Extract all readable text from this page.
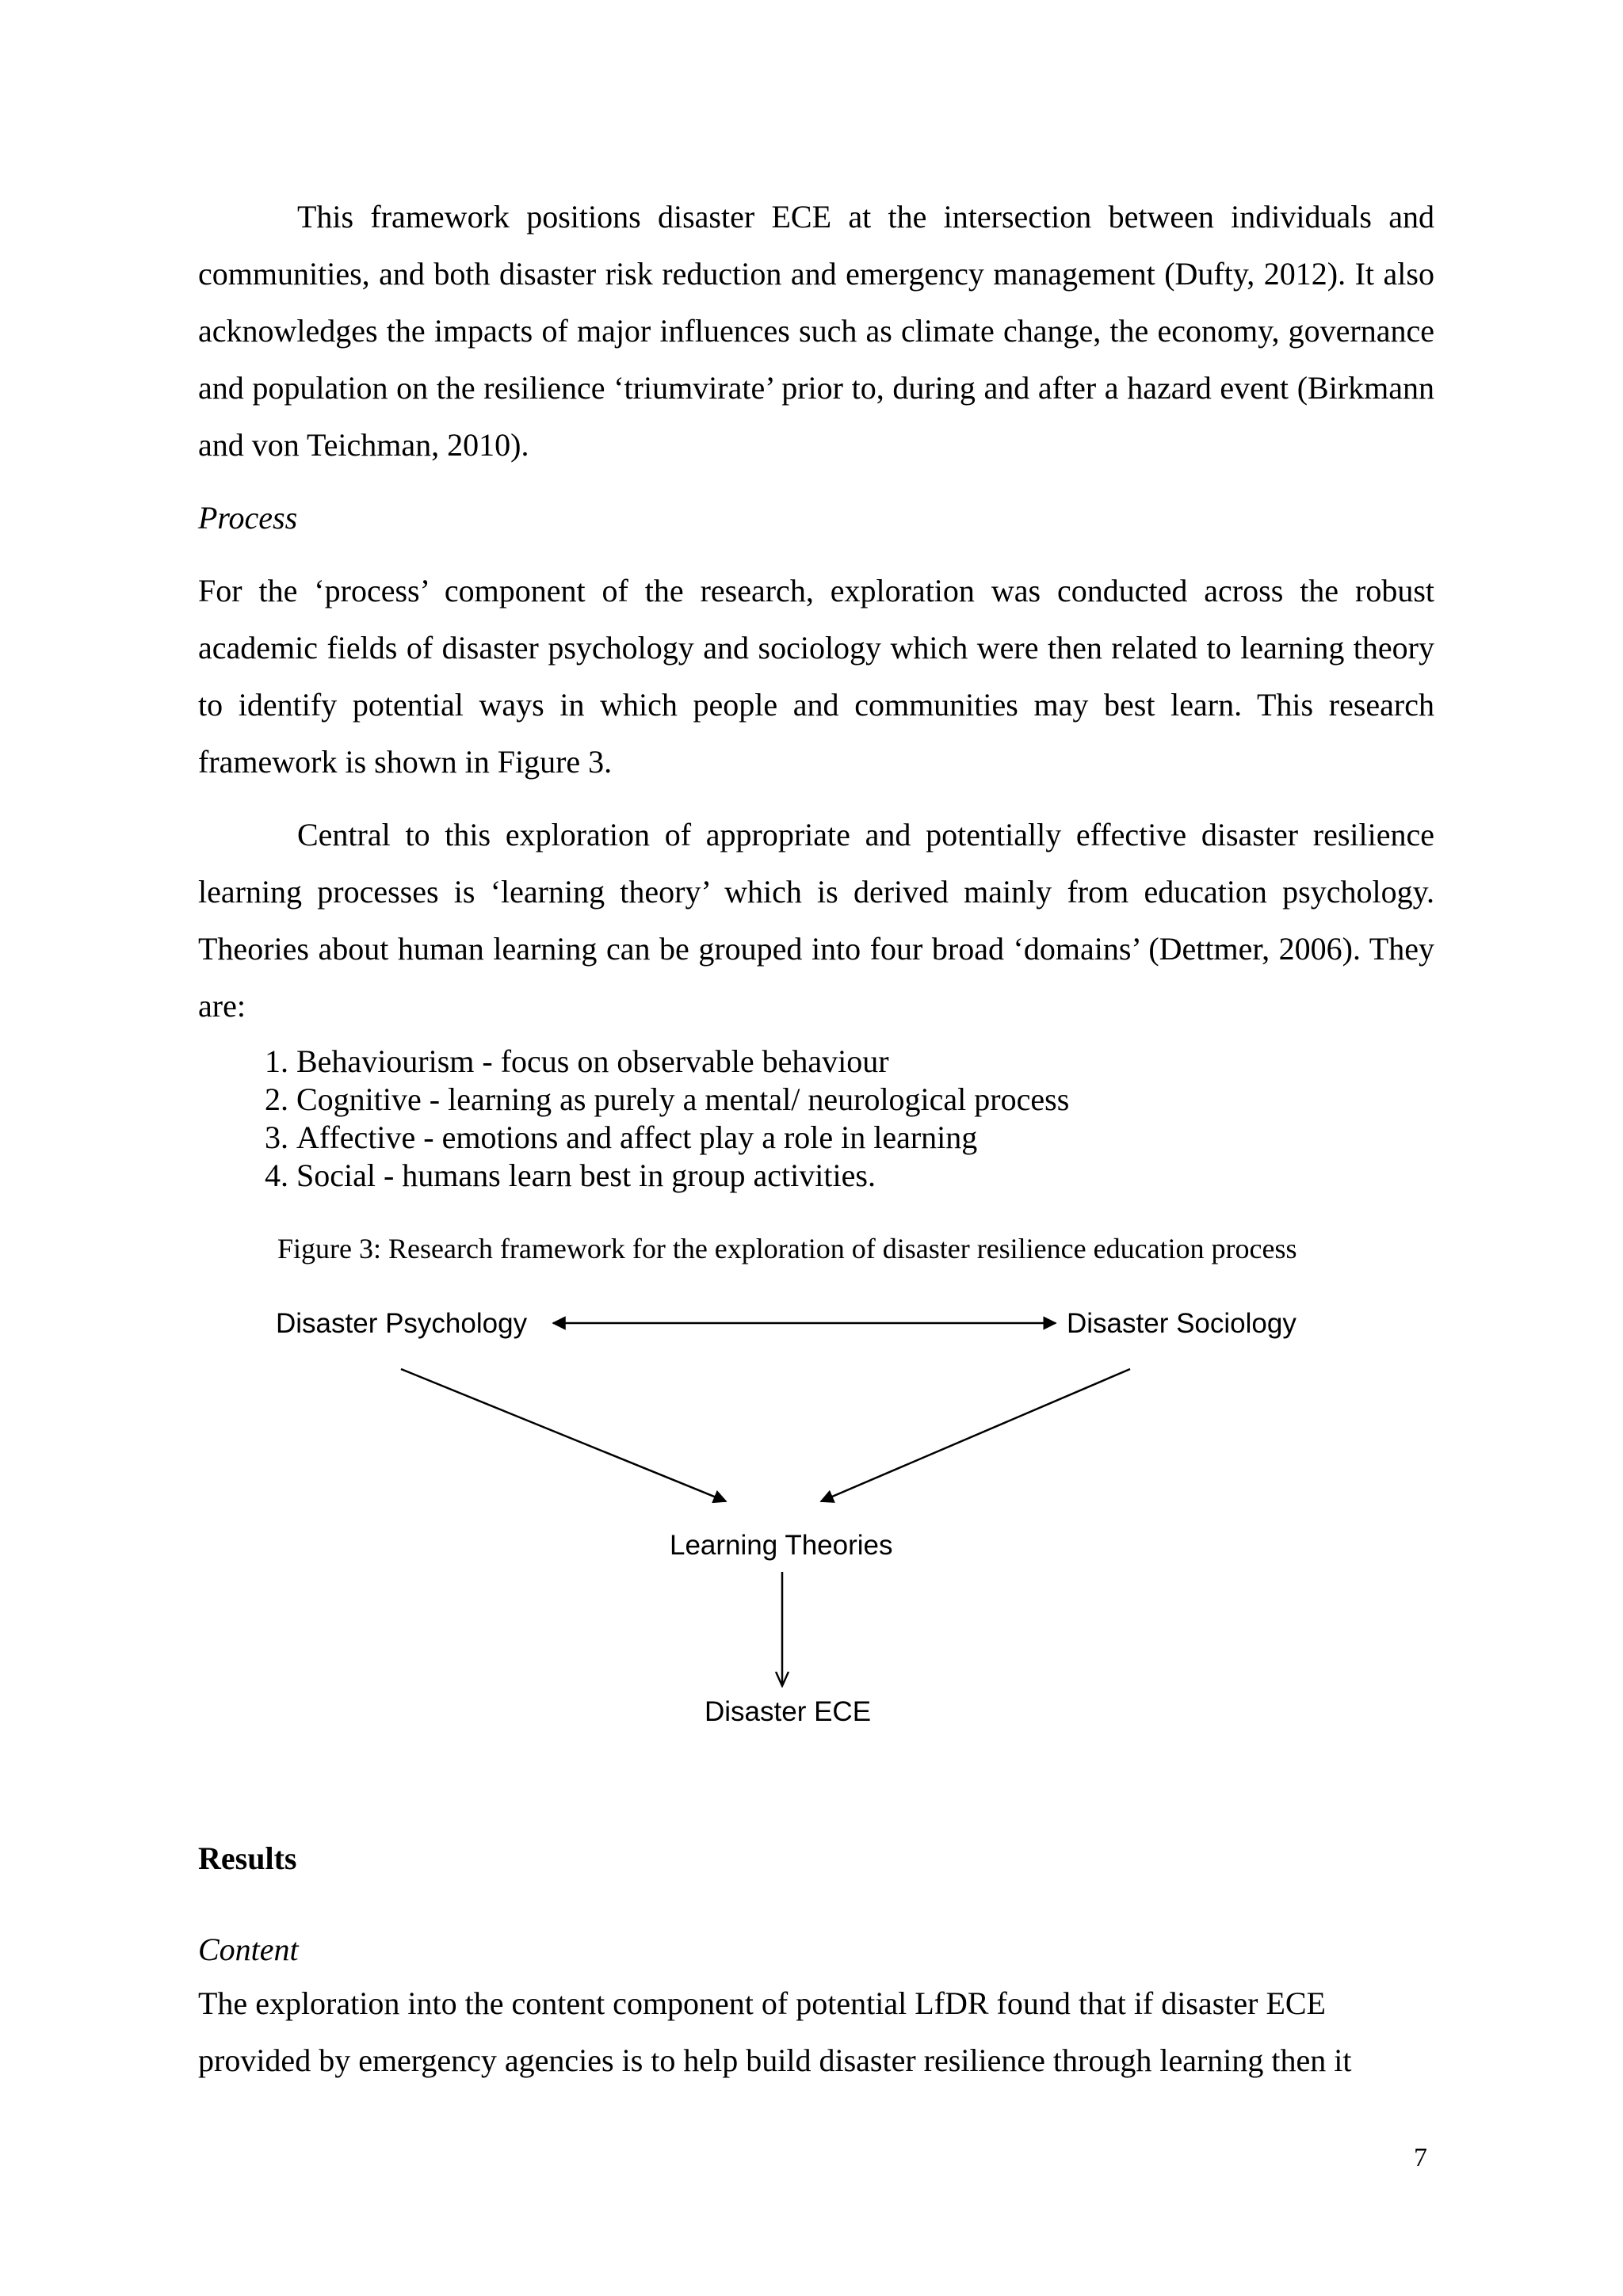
This framework positions disaster ECE at the intersection between individuals and communities, and both disaster risk reduction and emergency management (Dufty, 2012). It also acknowledges the impacts of major influences such as climate change, the economy, governance and population on the resilience ‘triumvirate’ prior to, during and after a hazard event (Birkmann and von Teichman, 2010).

Process

For the ‘process’ component of the research, exploration was conducted across the robust academic fields of disaster psychology and sociology which were then related to learning theory to identify potential ways in which people and communities may best learn. This research framework is shown in Figure 3.

Central to this exploration of appropriate and potentially effective disaster resilience learning processes is ‘learning theory’ which is derived mainly from education psychology. Theories about human learning can be grouped into four broad ‘domains’ (Dettmer, 2006). They are:

1. Behaviourism - focus on observable behaviour
2. Cognitive - learning as purely a mental/ neurological process
3. Affective - emotions and affect play a role in learning
4. Social - humans learn best in group activities.

Figure 3: Research framework for the exploration of disaster resilience education process

Disaster Psychology	Disaster Sociology
Learning Theories
Disaster ECE

Results

Content

The exploration into the content component of potential LfDR found that if disaster ECE provided by emergency agencies is to help build disaster resilience through learning then it

7
